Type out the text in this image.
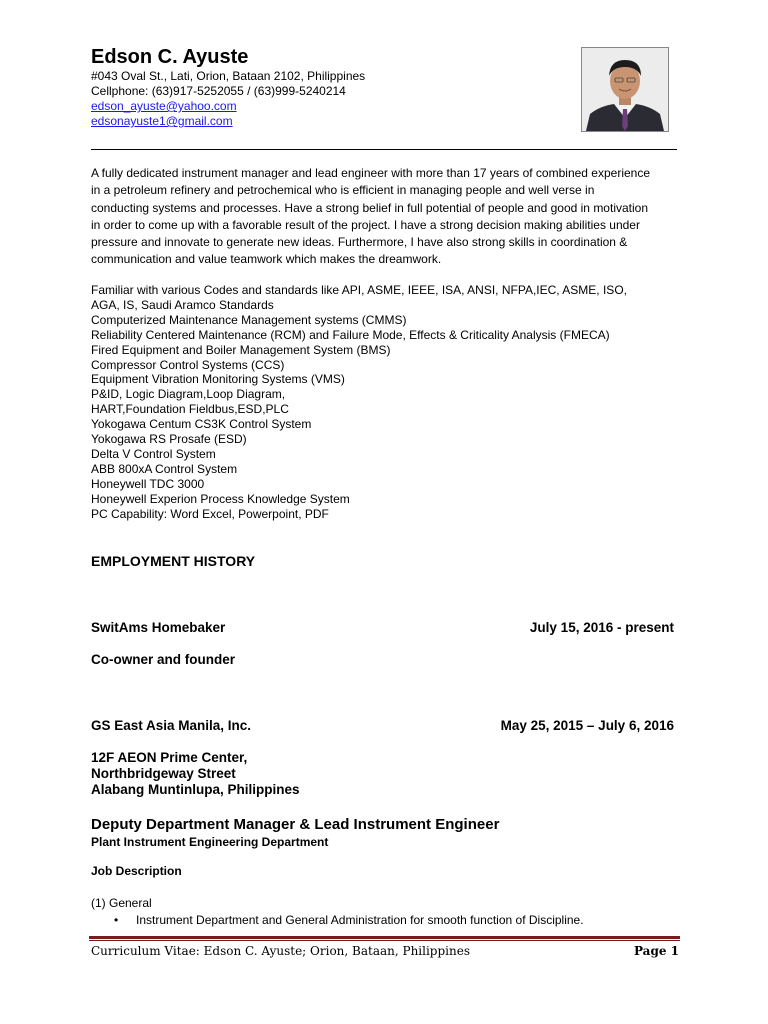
Edson C. Ayuste
#043 Oval St., Lati, Orion, Bataan 2102, Philippines
Cellphone: (63)917-5252055 / (63)999-5240214
edson_ayuste@yahoo.com
edsonayuste1@gmail.com
A fully dedicated instrument manager and lead engineer with more than 17 years of combined experience
in a petroleum refinery and petrochemical who is efficient in managing people and well verse in
conducting systems and processes. Have a strong belief in full potential of people and good in motivation
in order to come up with a favorable result of the project. I have a strong decision making abilities under
pressure and innovate to generate new ideas. Furthermore, I have also strong skills in coordination &
communication and value teamwork which makes the dreamwork.
Familiar with various Codes and standards like API, ASME, IEEE, ISA, ANSI, NFPA,IEC, ASME, ISO,
AGA, IS, Saudi Aramco Standards
Computerized Maintenance Management systems (CMMS)
Reliability Centered Maintenance (RCM) and Failure Mode, Effects & Criticality Analysis (FMECA)
Fired Equipment and Boiler Management System (BMS)
Compressor Control Systems (CCS)
Equipment Vibration Monitoring Systems (VMS)
P&ID, Logic Diagram,Loop Diagram,
HART,Foundation Fieldbus,ESD,PLC
Yokogawa Centum CS3K Control System
Yokogawa RS Prosafe (ESD)
Delta V Control System
ABB 800xA Control System
Honeywell TDC 3000
Honeywell Experion Process Knowledge System
PC Capability: Word Excel, Powerpoint, PDF
EMPLOYMENT HISTORY
SwitAms Homebaker	July 15, 2016 - present
Co-owner and founder
GS East Asia Manila, Inc.	May 25, 2015 – July 6, 2016
12F AEON Prime Center,
Northbridgeway Street
Alabang Muntinlupa, Philippines
Deputy Department Manager & Lead Instrument Engineer
Plant Instrument Engineering Department
Job Description
(1) General
• Instrument Department and General Administration for smooth function of Discipline.
Curriculum Vitae: Edson C. Ayuste; Orion, Bataan, Philippines	Page 1
